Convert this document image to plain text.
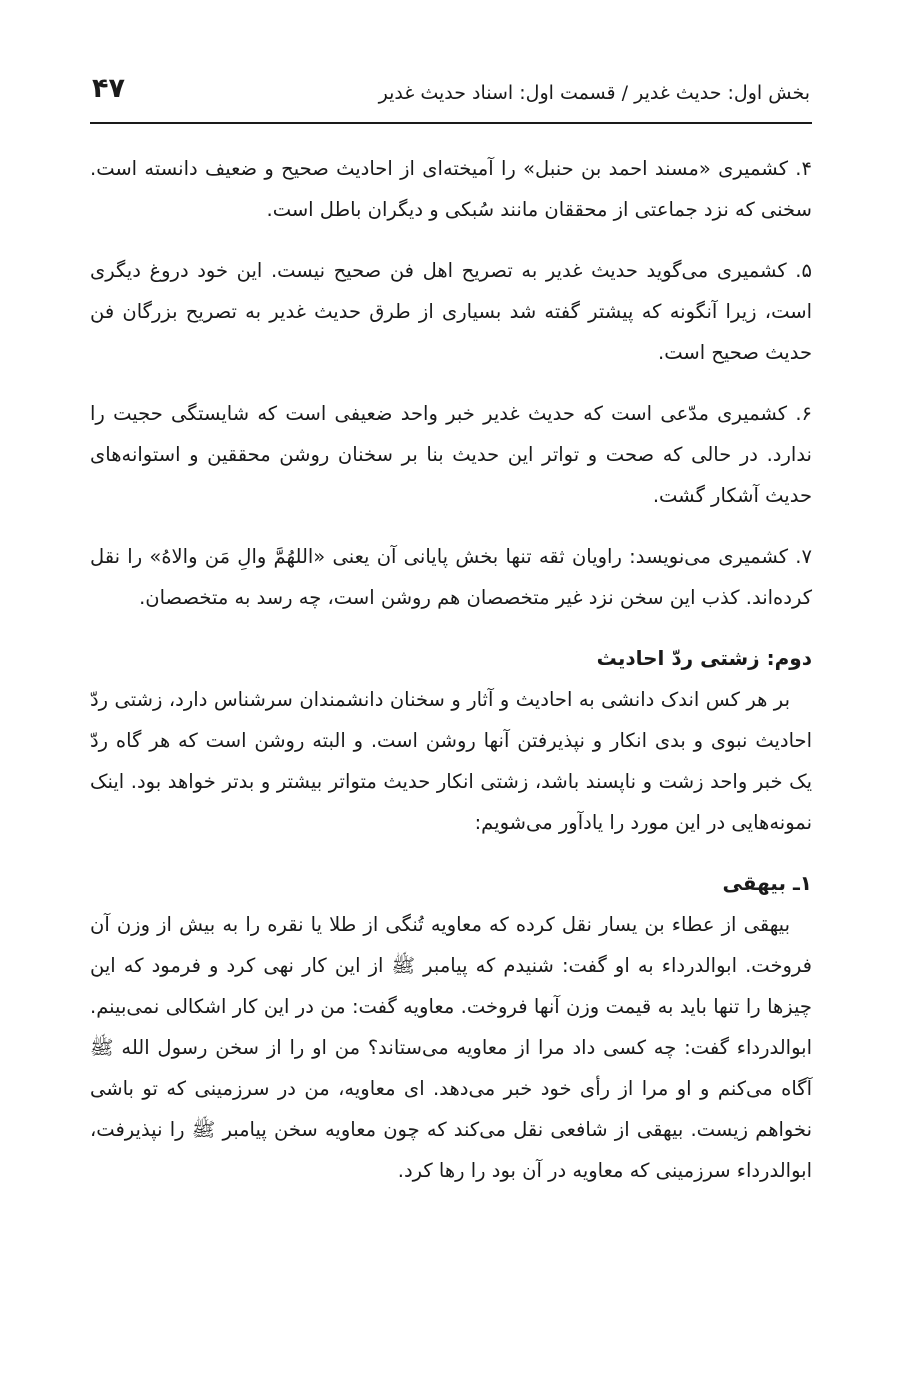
بخش اول: حدیث غدیر / قسمت اول: اسناد حدیث غدیر
۴۷

۴. کشمیری «مسند احمد بن حنبل» را آمیخته‌ای از احادیث صحیح و ضعیف دانسته است. سخنی که نزد جماعتی از محققان مانند سُبکی و دیگران باطل است.

۵. کشمیری می‌گوید حدیث غدیر به تصریح اهل فن صحیح نیست. این خود دروغ دیگری است، زیرا آنگونه که پیشتر گفته شد بسیاری از طرق حدیث غدیر به تصریح بزرگان فن حدیث صحیح است.

۶. کشمیری مدّعی است که حدیث غدیر خبر واحد ضعیفی است که شایستگی حجیت را ندارد. در حالی که صحت و تواتر این حدیث بنا بر سخنان روشن محققین و استوانه‌های حدیث آشکار گشت.

۷. کشمیری می‌نویسد: راویان ثقه تنها بخش پایانی آن یعنی «اللهُمَّ والِ مَن والاهُ» را نقل کرده‌اند. کذب این سخن نزد غیر متخصصان هم روشن است، چه رسد به متخصصان.

دوم: زشتی ردّ احادیث

بر هر کس اندک دانشی به احادیث و آثار و سخنان دانشمندان سرشناس دارد، زشتی ردّ احادیث نبوی و بدی انکار و نپذیرفتن آنها روشن است. و البته روشن است که هر گاه ردّ یک خبر واحد زشت و ناپسند باشد، زشتی انکار حدیث متواتر بیشتر و بدتر خواهد بود. اینک نمونه‌هایی در این مورد را یادآور می‌شویم:

۱ـ بیهقی

بیهقی از عطاء بن یسار نقل کرده که معاویه تُنگی از طلا یا نقره را به بیش از وزن آن فروخت. ابوالدرداء به او گفت: شنیدم که پیامبر ﷺ از این کار نهی کرد و فرمود که این چیزها را تنها باید به قیمت وزن آنها فروخت. معاویه گفت: من در این کار اشکالی نمی‌بینم. ابوالدرداء گفت: چه کسی داد مرا از معاویه می‌ستاند؟ من او را از سخن رسول الله ﷺ آگاه می‌کنم و او مرا از رأی خود خبر می‌دهد. ای معاویه، من در سرزمینی که تو باشی نخواهم زیست. بیهقی از شافعی نقل می‌کند که چون معاویه سخن پیامبر ﷺ را نپذیرفت، ابوالدرداء سرزمینی که معاویه در آن بود را رها کرد.
